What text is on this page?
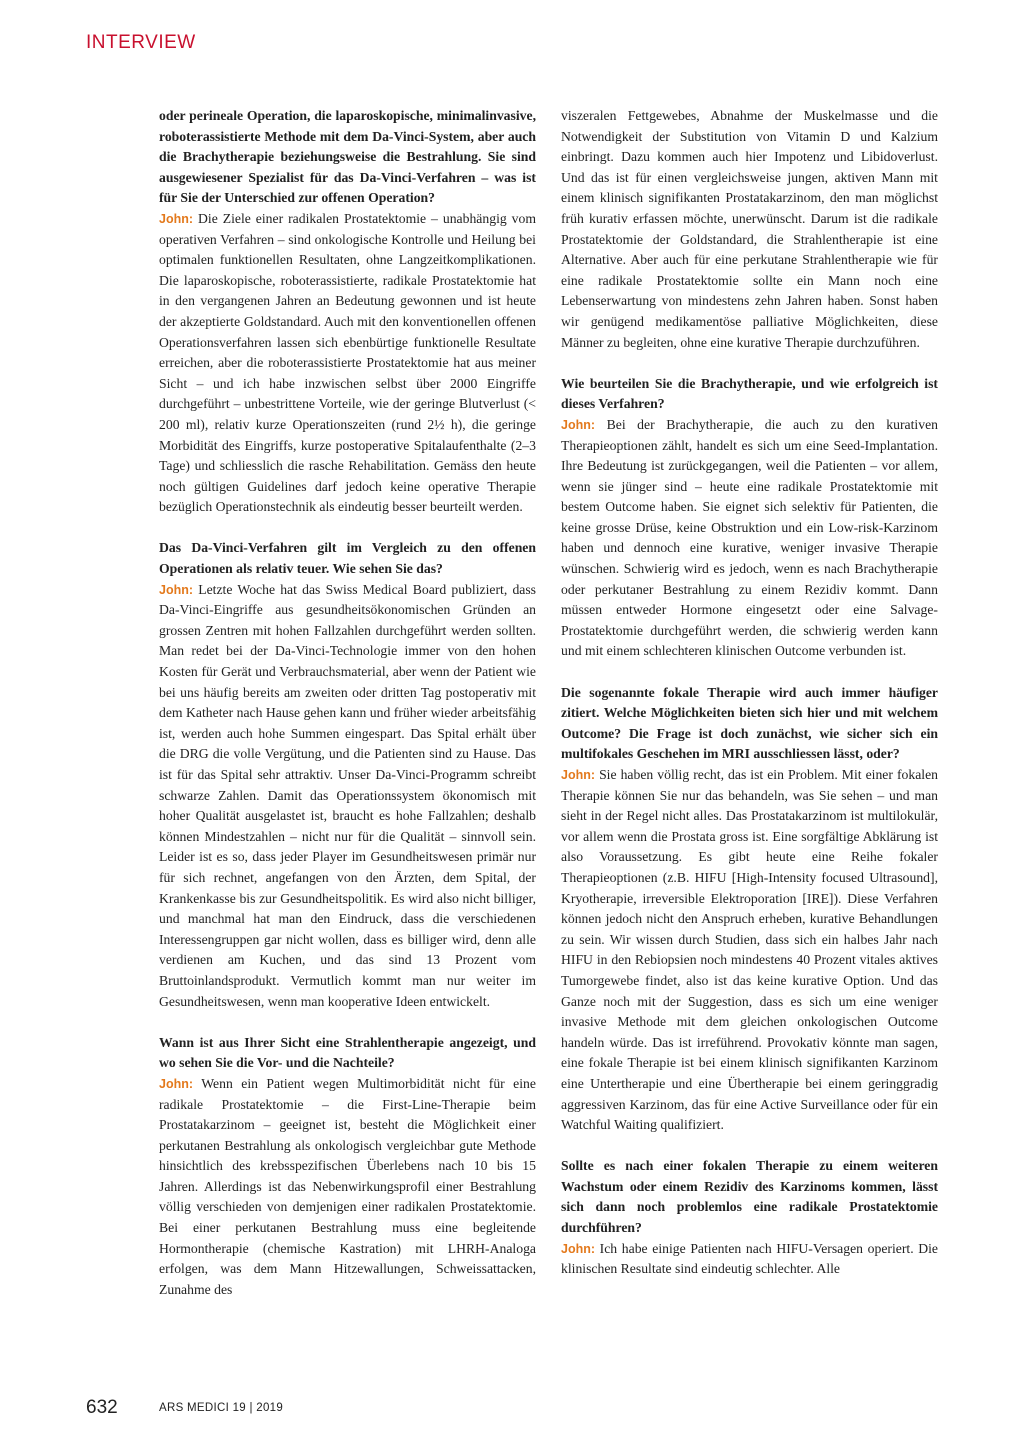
INTERVIEW

oder perineale Operation, die laparoskopische, minimalinvasive, roboterassistierte Methode mit dem Da-Vinci-System, aber auch die Brachytherapie beziehungsweise die Bestrahlung. Sie sind ausgewiesener Spezialist für das Da-Vinci-Verfahren – was ist für Sie der Unterschied zur offenen Operation?
John: Die Ziele einer radikalen Prostatektomie – unabhängig vom operativen Verfahren – sind onkologische Kontrolle und Heilung bei optimalen funktionellen Resultaten, ohne Langzeitkomplikationen. Die laparoskopische, roboterassistierte, radikale Prostatektomie hat in den vergangenen Jahren an Bedeutung gewonnen und ist heute der akzeptierte Goldstandard. Auch mit den konventionellen offenen Operationsverfahren lassen sich ebenbürtige funktionelle Resultate erreichen, aber die roboterassistierte Prostatektomie hat aus meiner Sicht – und ich habe inzwischen selbst über 2000 Eingriffe durchgeführt – unbestrittene Vorteile, wie der geringe Blutverlust (< 200 ml), relativ kurze Operationszeiten (rund 2½ h), die geringe Morbidität des Eingriffs, kurze postoperative Spitalaufenthalte (2–3 Tage) und schliesslich die rasche Rehabilitation. Gemäss den heute noch gültigen Guidelines darf jedoch keine operative Therapie bezüglich Operationstechnik als eindeutig besser beurteilt werden.

Das Da-Vinci-Verfahren gilt im Vergleich zu den offenen Operationen als relativ teuer. Wie sehen Sie das?
John: Letzte Woche hat das Swiss Medical Board publiziert, dass Da-Vinci-Eingriffe aus gesundheitsökonomischen Gründen an grossen Zentren mit hohen Fallzahlen durchgeführt werden sollten. Man redet bei der Da-Vinci-Technologie immer von den hohen Kosten für Gerät und Verbrauchsmaterial, aber wenn der Patient wie bei uns häufig bereits am zweiten oder dritten Tag postoperativ mit dem Katheter nach Hause gehen kann und früher wieder arbeitsfähig ist, werden auch hohe Summen eingespart. Das Spital erhält über die DRG die volle Vergütung, und die Patienten sind zu Hause. Das ist für das Spital sehr attraktiv. Unser Da-Vinci-Programm schreibt schwarze Zahlen. Damit das Operationssystem ökonomisch mit hoher Qualität ausgelastet ist, braucht es hohe Fallzahlen; deshalb können Mindestzahlen – nicht nur für die Qualität – sinnvoll sein. Leider ist es so, dass jeder Player im Gesundheitswesen primär nur für sich rechnet, angefangen von den Ärzten, dem Spital, der Krankenkasse bis zur Gesundheitspolitik. Es wird also nicht billiger, und manchmal hat man den Eindruck, dass die verschiedenen Interessengruppen gar nicht wollen, dass es billiger wird, denn alle verdienen am Kuchen, und das sind 13 Prozent vom Bruttoinlandsprodukt. Vermutlich kommt man nur weiter im Gesundheitswesen, wenn man kooperative Ideen entwickelt.

Wann ist aus Ihrer Sicht eine Strahlentherapie angezeigt, und wo sehen Sie die Vor- und die Nachteile?
John: Wenn ein Patient wegen Multimorbidität nicht für eine radikale Prostatektomie – die First-Line-Therapie beim Prostatakarzinom – geeignet ist, besteht die Möglichkeit einer perkutanen Bestrahlung als onkologisch vergleichbar gute Methode hinsichtlich des krebsspezifischen Überlebens nach 10 bis 15 Jahren. Allerdings ist das Nebenwirkungsprofil einer Bestrahlung völlig verschieden von demjenigen einer radikalen Prostatektomie. Bei einer perkutanen Bestrahlung muss eine begleitende Hormontherapie (chemische Kastration) mit LHRH-Analoga erfolgen, was dem Mann Hitzewallungen, Schweissattacken, Zunahme des

viszeralen Fettgewebes, Abnahme der Muskelmasse und die Notwendigkeit der Substitution von Vitamin D und Kalzium einbringt. Dazu kommen auch hier Impotenz und Libidoverlust. Und das ist für einen vergleichsweise jungen, aktiven Mann mit einem klinisch signifikanten Prostatakarzinom, den man möglichst früh kurativ erfassen möchte, unerwünscht. Darum ist die radikale Prostatektomie der Goldstandard, die Strahlentherapie ist eine Alternative. Aber auch für eine perkutane Strahlentherapie wie für eine radikale Prostatektomie sollte ein Mann noch eine Lebenserwartung von mindestens zehn Jahren haben. Sonst haben wir genügend medikamentöse palliative Möglichkeiten, diese Männer zu begleiten, ohne eine kurative Therapie durchzuführen.

Wie beurteilen Sie die Brachytherapie, und wie erfolgreich ist dieses Verfahren?
John: Bei der Brachytherapie, die auch zu den kurativen Therapieoptionen zählt, handelt es sich um eine Seed-Implantation. Ihre Bedeutung ist zurückgegangen, weil die Patienten – vor allem, wenn sie jünger sind – heute eine radikale Prostatektomie mit bestem Outcome haben. Sie eignet sich selektiv für Patienten, die keine grosse Drüse, keine Obstruktion und ein Low-risk-Karzinom haben und dennoch eine kurative, weniger invasive Therapie wünschen. Schwierig wird es jedoch, wenn es nach Brachytherapie oder perkutaner Bestrahlung zu einem Rezidiv kommt. Dann müssen entweder Hormone eingesetzt oder eine Salvage-Prostatektomie durchgeführt werden, die schwierig werden kann und mit einem schlechteren klinischen Outcome verbunden ist.

Die sogenannte fokale Therapie wird auch immer häufiger zitiert. Welche Möglichkeiten bieten sich hier und mit welchem Outcome? Die Frage ist doch zunächst, wie sicher sich ein multifokales Geschehen im MRI ausschliessen lässt, oder?
John: Sie haben völlig recht, das ist ein Problem. Mit einer fokalen Therapie können Sie nur das behandeln, was Sie sehen – und man sieht in der Regel nicht alles. Das Prostatakarzinom ist multilokulär, vor allem wenn die Prostata gross ist. Eine sorgfältige Abklärung ist also Voraussetzung. Es gibt heute eine Reihe fokaler Therapieoptionen (z.B. HIFU [High-Intensity focused Ultrasound], Kryotherapie, irreversible Elektroporation [IRE]). Diese Verfahren können jedoch nicht den Anspruch erheben, kurative Behandlungen zu sein. Wir wissen durch Studien, dass sich ein halbes Jahr nach HIFU in den Rebiopsien noch mindestens 40 Prozent vitales aktives Tumorgewebe findet, also ist das keine kurative Option. Und das Ganze noch mit der Suggestion, dass es sich um eine weniger invasive Methode mit dem gleichen onkologischen Outcome handeln würde. Das ist irreführend. Provokativ könnte man sagen, eine fokale Therapie ist bei einem klinisch signifikanten Karzinom eine Untertherapie und eine Übertherapie bei einem geringgradig aggressiven Karzinom, das für eine Active Surveillance oder für ein Watchful Waiting qualifiziert.

Sollte es nach einer fokalen Therapie zu einem weiteren Wachstum oder einem Rezidiv des Karzinoms kommen, lässt sich dann noch problemlos eine radikale Prostatektomie durchführen?
John: Ich habe einige Patienten nach HIFU-Versagen operiert. Die klinischen Resultate sind eindeutig schlechter. Alle

632	ARS MEDICI 19 | 2019
